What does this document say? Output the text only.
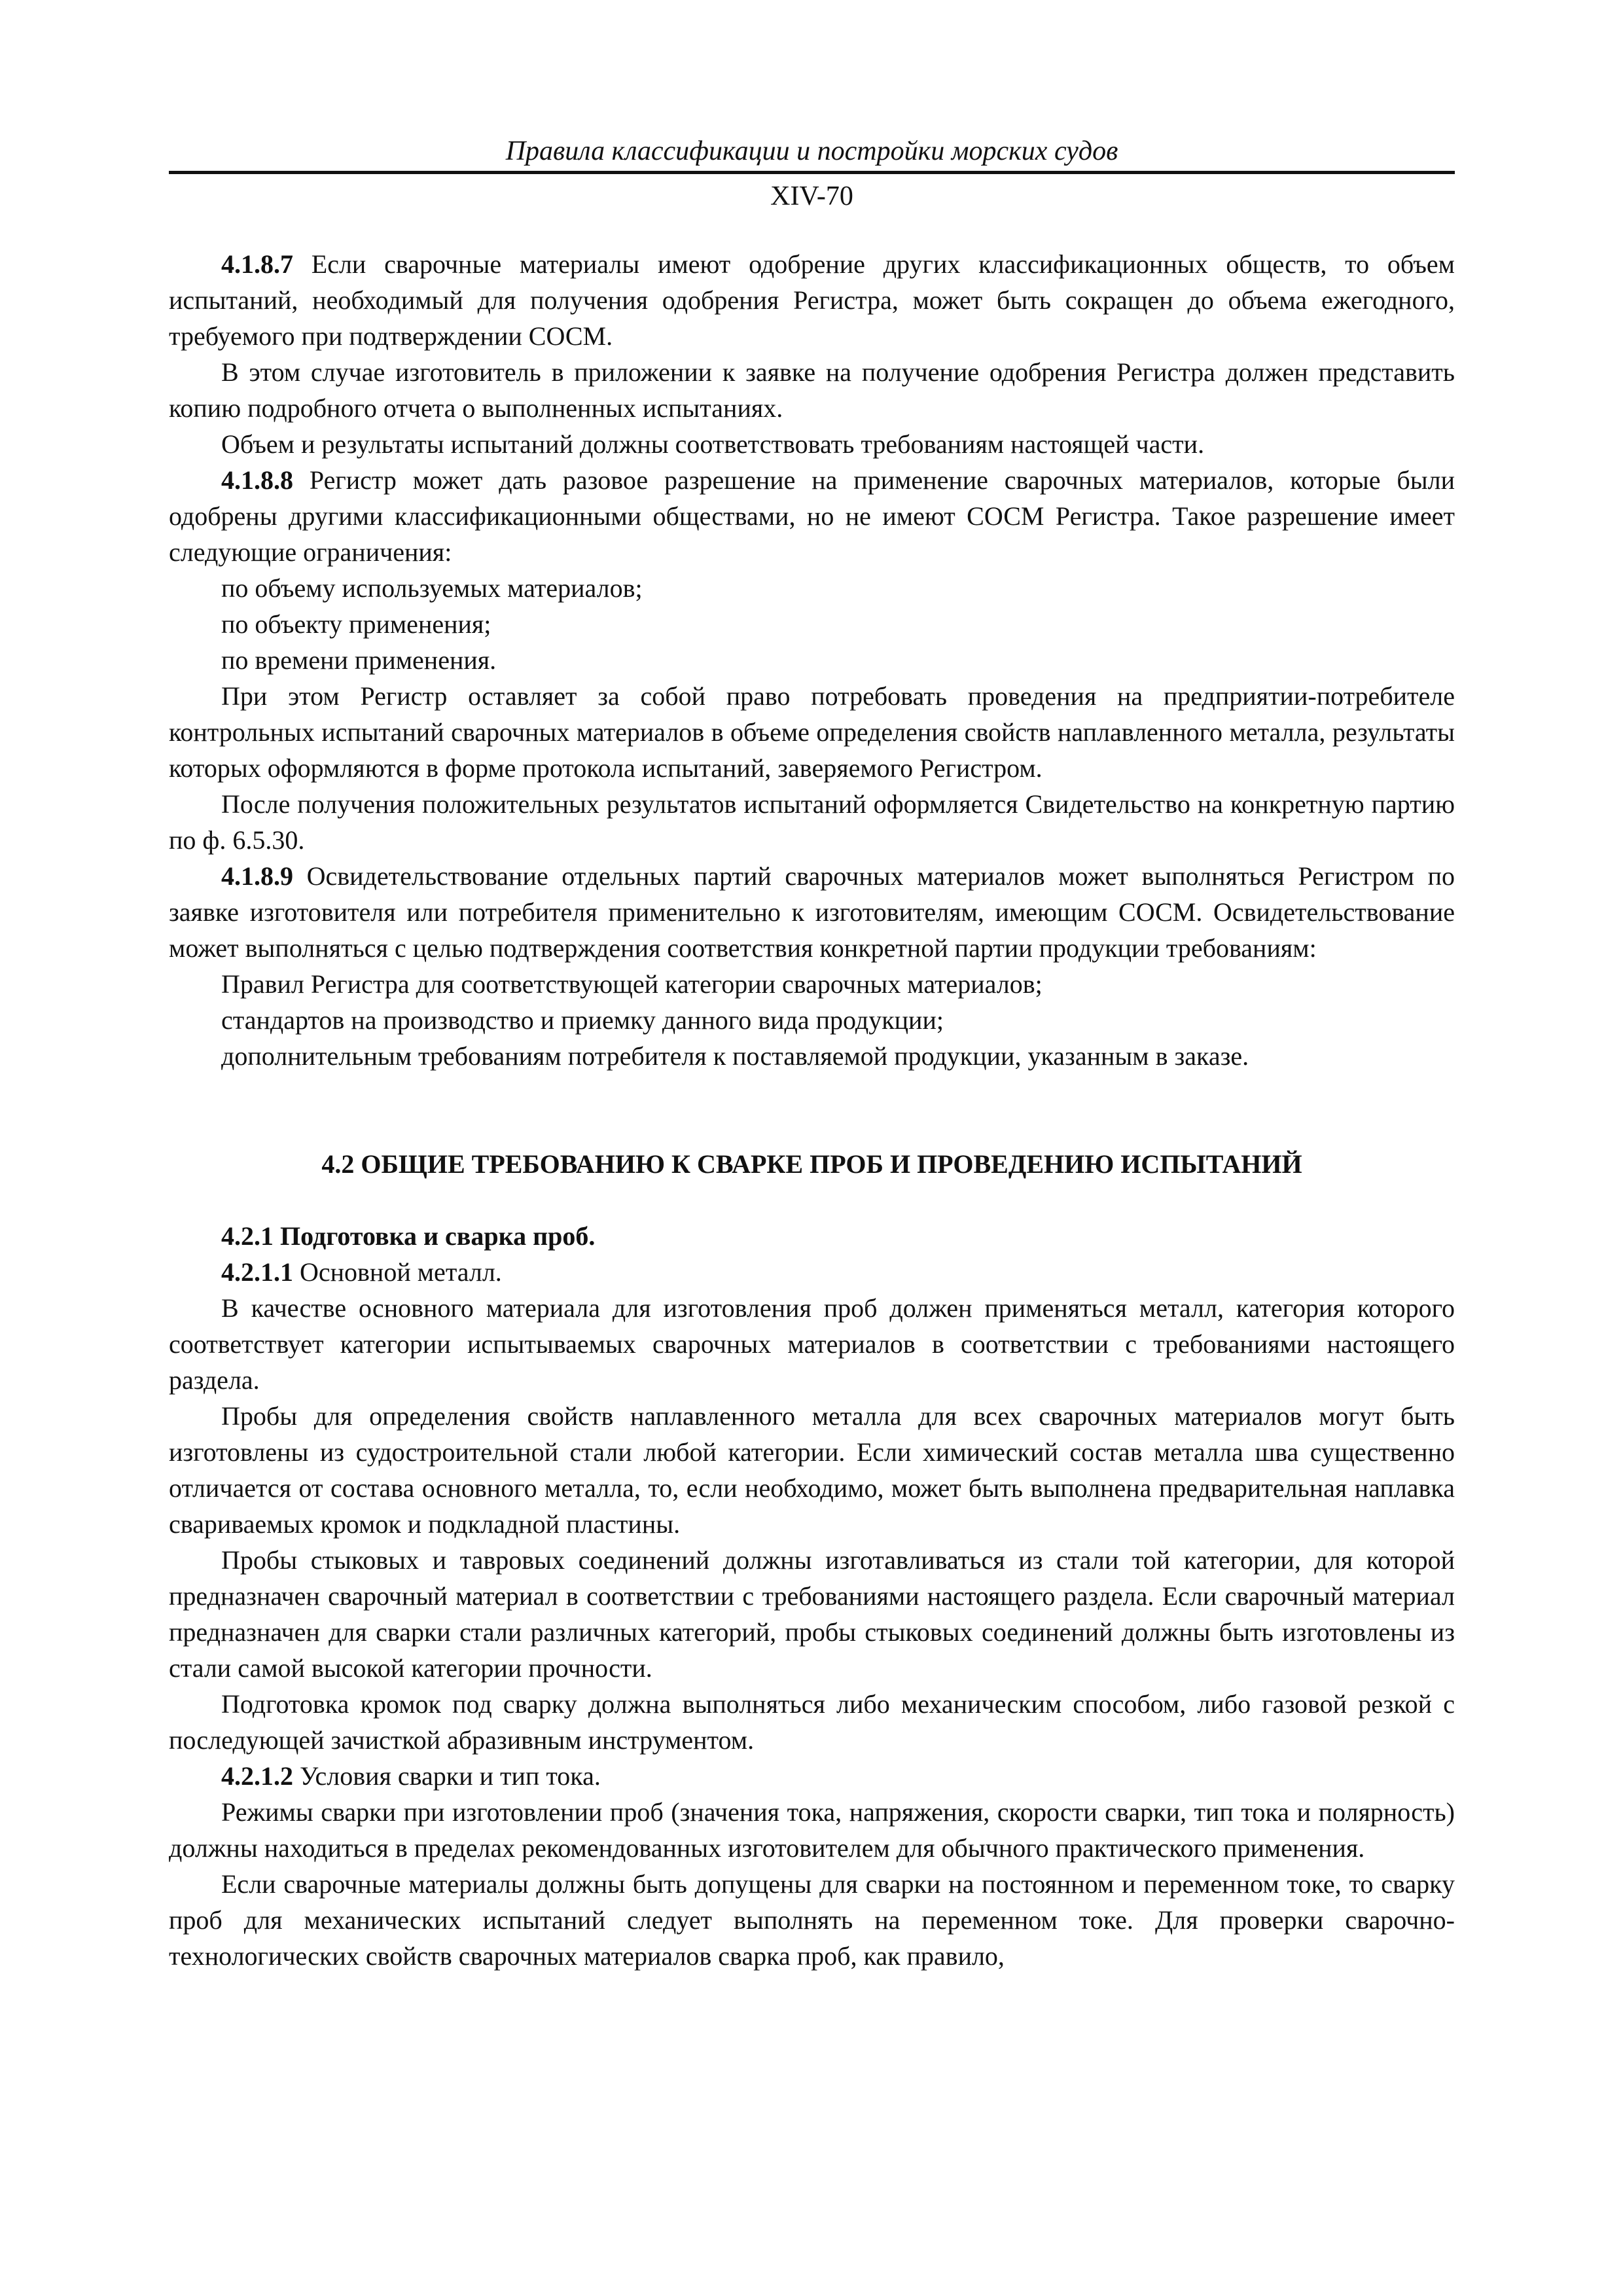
Правила классификации и постройки морских судов

XIV-70

4.1.8.7 Если сварочные материалы имеют одобрение других классификационных обществ, то объем испытаний, необходимый для получения одобрения Регистра, может быть сокращен до объема ежегодного, требуемого при подтверждении СОСМ.

В этом случае изготовитель в приложении к заявке на получение одобрения Регистра должен представить копию подробного отчета о выполненных испытаниях.

Объем и результаты испытаний должны соответствовать требованиям настоящей части.

4.1.8.8 Регистр может дать разовое разрешение на применение сварочных материалов, которые были одобрены другими классификационными обществами, но не имеют СОСМ Регистра. Такое разрешение имеет следующие ограничения:

по объему используемых материалов;

по объекту применения;

по времени применения.

При этом Регистр оставляет за собой право потребовать проведения на предприятии-потребителе контрольных испытаний сварочных материалов в объеме определения свойств наплавленного металла, результаты которых оформляются в форме протокола испытаний, заверяемого Регистром.

После получения положительных результатов испытаний оформляется Свидетельство на конкретную партию по ф. 6.5.30.

4.1.8.9 Освидетельствование отдельных партий сварочных материалов может выполняться Регистром по заявке изготовителя или потребителя применительно к изготовителям, имеющим СОСМ. Освидетельствование может выполняться с целью подтверждения соответствия конкретной партии продукции требованиям:

Правил Регистра для соответствующей категории сварочных материалов;

стандартов на производство и приемку данного вида продукции;

дополнительным требованиям потребителя к поставляемой продукции, указанным в заказе.

4.2 ОБЩИЕ ТРЕБОВАНИЮ К СВАРКЕ ПРОБ И ПРОВЕДЕНИЮ ИСПЫТАНИЙ

4.2.1 Подготовка и сварка проб.

4.2.1.1 Основной металл.

В качестве основного материала для изготовления проб должен применяться металл, категория которого соответствует категории испытываемых сварочных материалов в соответствии с требованиями настоящего раздела.

Пробы для определения свойств наплавленного металла для всех сварочных материалов могут быть изготовлены из судостроительной стали любой категории. Если химический состав металла шва существенно отличается от состава основного металла, то, если необходимо, может быть выполнена предварительная наплавка свариваемых кромок и подкладной пластины.

Пробы стыковых и тавровых соединений должны изготавливаться из стали той категории, для которой предназначен сварочный материал в соответствии с требованиями настоящего раздела. Если сварочный материал предназначен для сварки стали различных категорий, пробы стыковых соединений должны быть изготовлены из стали самой высокой категории прочности.

Подготовка кромок под сварку должна выполняться либо механическим способом, либо газовой резкой с последующей зачисткой абразивным инструментом.

4.2.1.2 Условия сварки и тип тока.

Режимы сварки при изготовлении проб (значения тока, напряжения, скорости сварки, тип тока и полярность) должны находиться в пределах рекомендованных изготовителем для обычного практического применения.

Если сварочные материалы должны быть допущены для сварки на постоянном и переменном токе, то сварку проб для механических испытаний следует выполнять на переменном токе. Для проверки сварочно-технологических свойств сварочных материалов сварка проб, как правило,
